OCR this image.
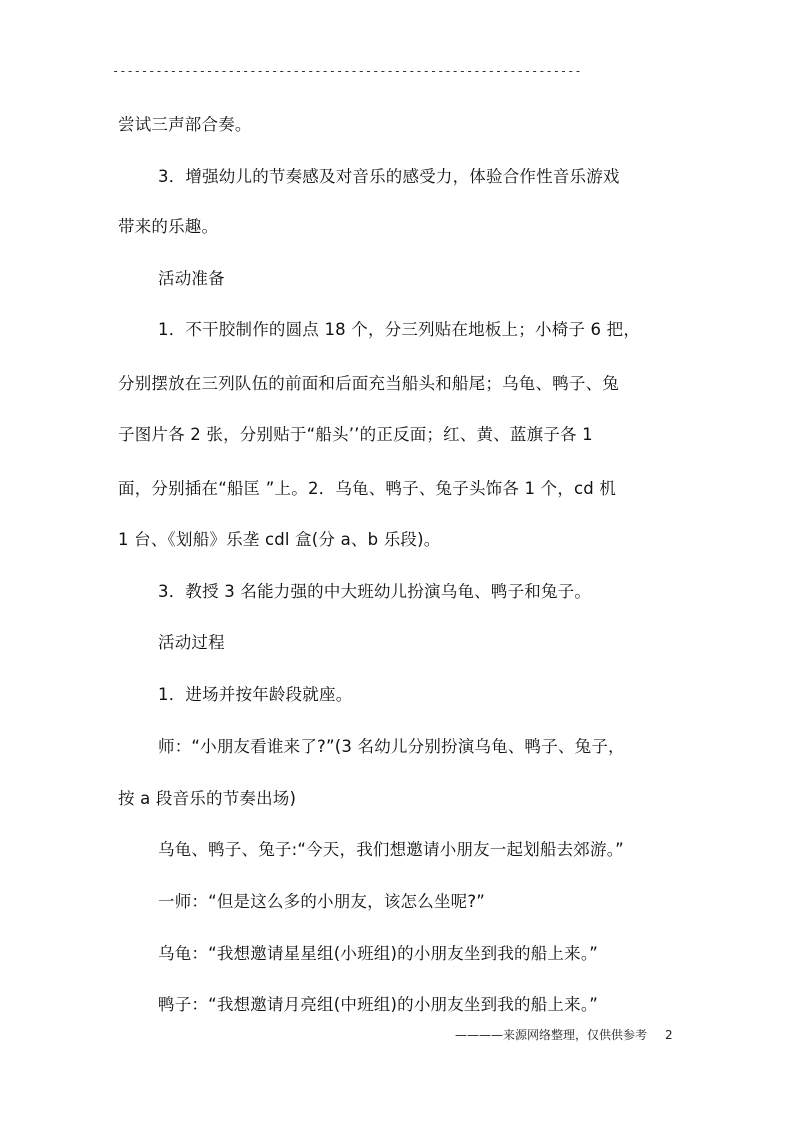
-----------------------------------------------------------------
尝试三声部合奏。
3．增强幼儿的节奏感及对音乐的感受力，体验合作性音乐游戏
带来的乐趣。
活动准备
1．不干胶制作的圆点 18 个，分三列贴在地板上；小椅子 6 把，
分别摆放在三列队伍的前面和后面充当船头和船尾；乌龟、鸭子、兔
子图片各 2 张，分别贴于“船头’’的正反面；红、黄、蓝旗子各 1
面，分别插在“船匡 ”上。2．乌龟、鸭子、兔子头饰各 1 个，cd 机
1 台、《划船》乐垄 cdl 盒(分 a、b 乐段)。
3．教授 3 名能力强的中大班幼儿扮演乌龟、鸭子和兔子。
活动过程
1．进场并按年龄段就座。
师：“小朋友看谁来了?”(3 名幼儿分别扮演乌龟、鸭子、兔子，
按 a 段音乐的节奏出场)
乌龟、鸭子、兔子:“今天，我们想邀请小朋友一起划船去郊游。”
一师：“但是这么多的小朋友，该怎么坐呢?”
乌龟：“我想邀请星星组(小班组)的小朋友坐到我的船上来。”
鸭子：“我想邀请月亮组(中班组)的小朋友坐到我的船上来。”
————来源网络整理，仅供供参考 2
